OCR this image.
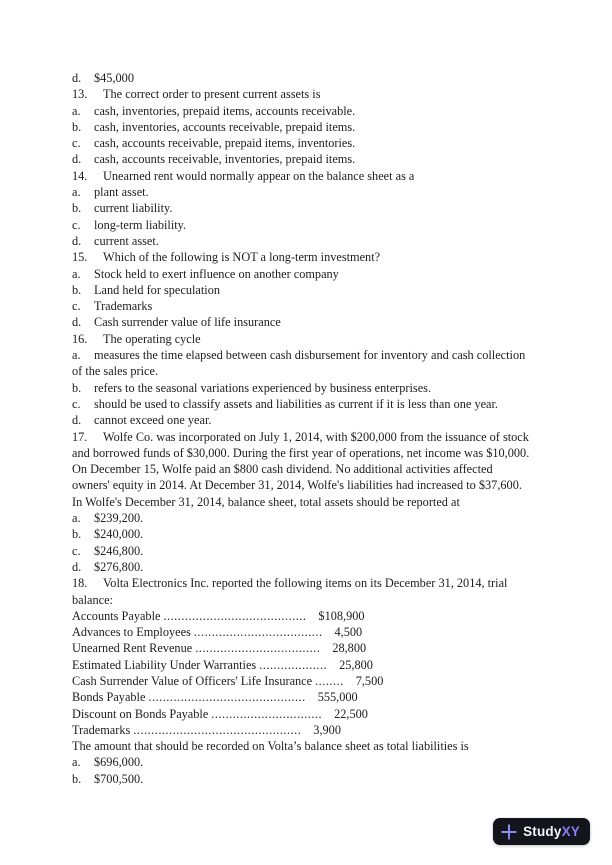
d. $45,000
13. The correct order to present current assets is
a. cash, inventories, prepaid items, accounts receivable.
b. cash, inventories, accounts receivable, prepaid items.
c. cash, accounts receivable, prepaid items, inventories.
d. cash, accounts receivable, inventories, prepaid items.
14. Unearned rent would normally appear on the balance sheet as a
a. plant asset.
b. current liability.
c. long-term liability.
d. current asset.
15. Which of the following is NOT a long-term investment?
a. Stock held to exert influence on another company
b. Land held for speculation
c. Trademarks
d. Cash surrender value of life insurance
16. The operating cycle
a. measures the time elapsed between cash disbursement for inventory and cash collection
of the sales price.
b. refers to the seasonal variations experienced by business enterprises.
c. should be used to classify assets and liabilities as current if it is less than one year.
d. cannot exceed one year.
17. Wolfe Co. was incorporated on July 1, 2014, with $200,000 from the issuance of stock
and borrowed funds of $30,000. During the first year of operations, net income was $10,000.
On December 15, Wolfe paid an $800 cash dividend. No additional activities affected
owners' equity in 2014. At December 31, 2014, Wolfe's liabilities had increased to $37,600.
In Wolfe's December 31, 2014, balance sheet, total assets should be reported at
a. $239,200.
b. $240,000.
c. $246,800.
d. $276,800.
18. Volta Electronics Inc. reported the following items on its December 31, 2014, trial
balance:
Accounts Payable ........................................ $108,900
Advances to Employees .................................... 4,500
Unearned Rent Revenue ................................... 28,800
Estimated Liability Under Warranties ................... 25,800
Cash Surrender Value of Officers' Life Insurance ........ 7,500
Bonds Payable ............................................ 555,000
Discount on Bonds Payable ............................... 22,500
Trademarks ............................................... 3,900
The amount that should be recorded on Volta’s balance sheet as total liabilities is
a. $696,000.
b. $700,500.
StudyXY
